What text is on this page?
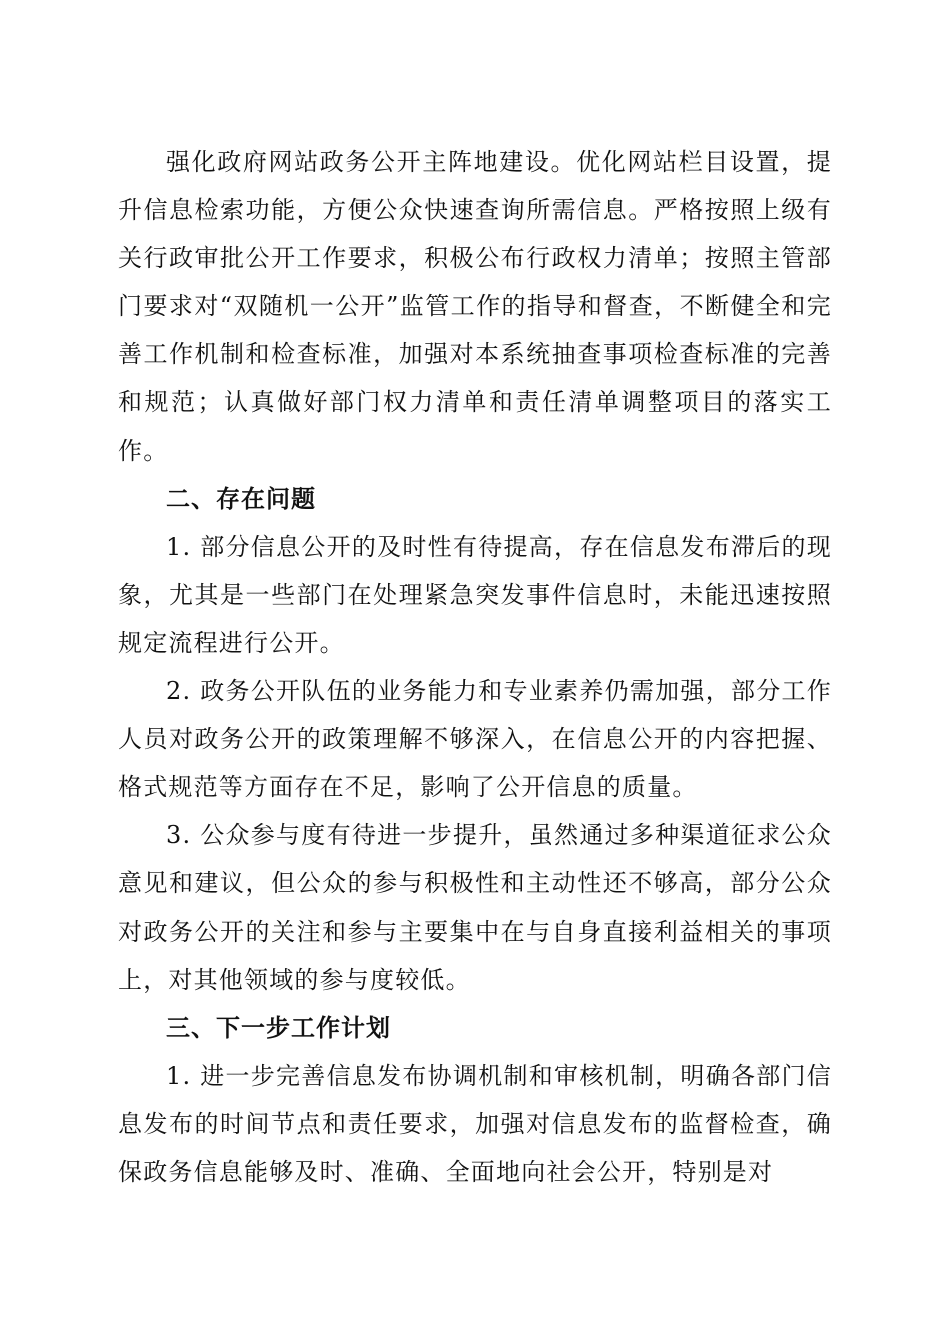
强化政府网站政务公开主阵地建设。优化网站栏目设置，提升信息检索功能，方便公众快速查询所需信息。严格按照上级有关行政审批公开工作要求，积极公布行政权力清单；按照主管部门要求对“双随机一公开”监管工作的指导和督查，不断健全和完善工作机制和检查标准，加强对本系统抽查事项检查标准的完善和规范；认真做好部门权力清单和责任清单调整项目的落实工作。

二、存在问题

1. 部分信息公开的及时性有待提高，存在信息发布滞后的现象，尤其是一些部门在处理紧急突发事件信息时，未能迅速按照规定流程进行公开。

2. 政务公开队伍的业务能力和专业素养仍需加强，部分工作人员对政务公开的政策理解不够深入，在信息公开的内容把握、格式规范等方面存在不足，影响了公开信息的质量。

3. 公众参与度有待进一步提升，虽然通过多种渠道征求公众意见和建议，但公众的参与积极性和主动性还不够高，部分公众对政务公开的关注和参与主要集中在与自身直接利益相关的事项上，对其他领域的参与度较低。

三、下一步工作计划

1. 进一步完善信息发布协调机制和审核机制，明确各部门信息发布的时间节点和责任要求，加强对信息发布的监督检查，确保政务信息能够及时、准确、全面地向社会公开，特别是对
